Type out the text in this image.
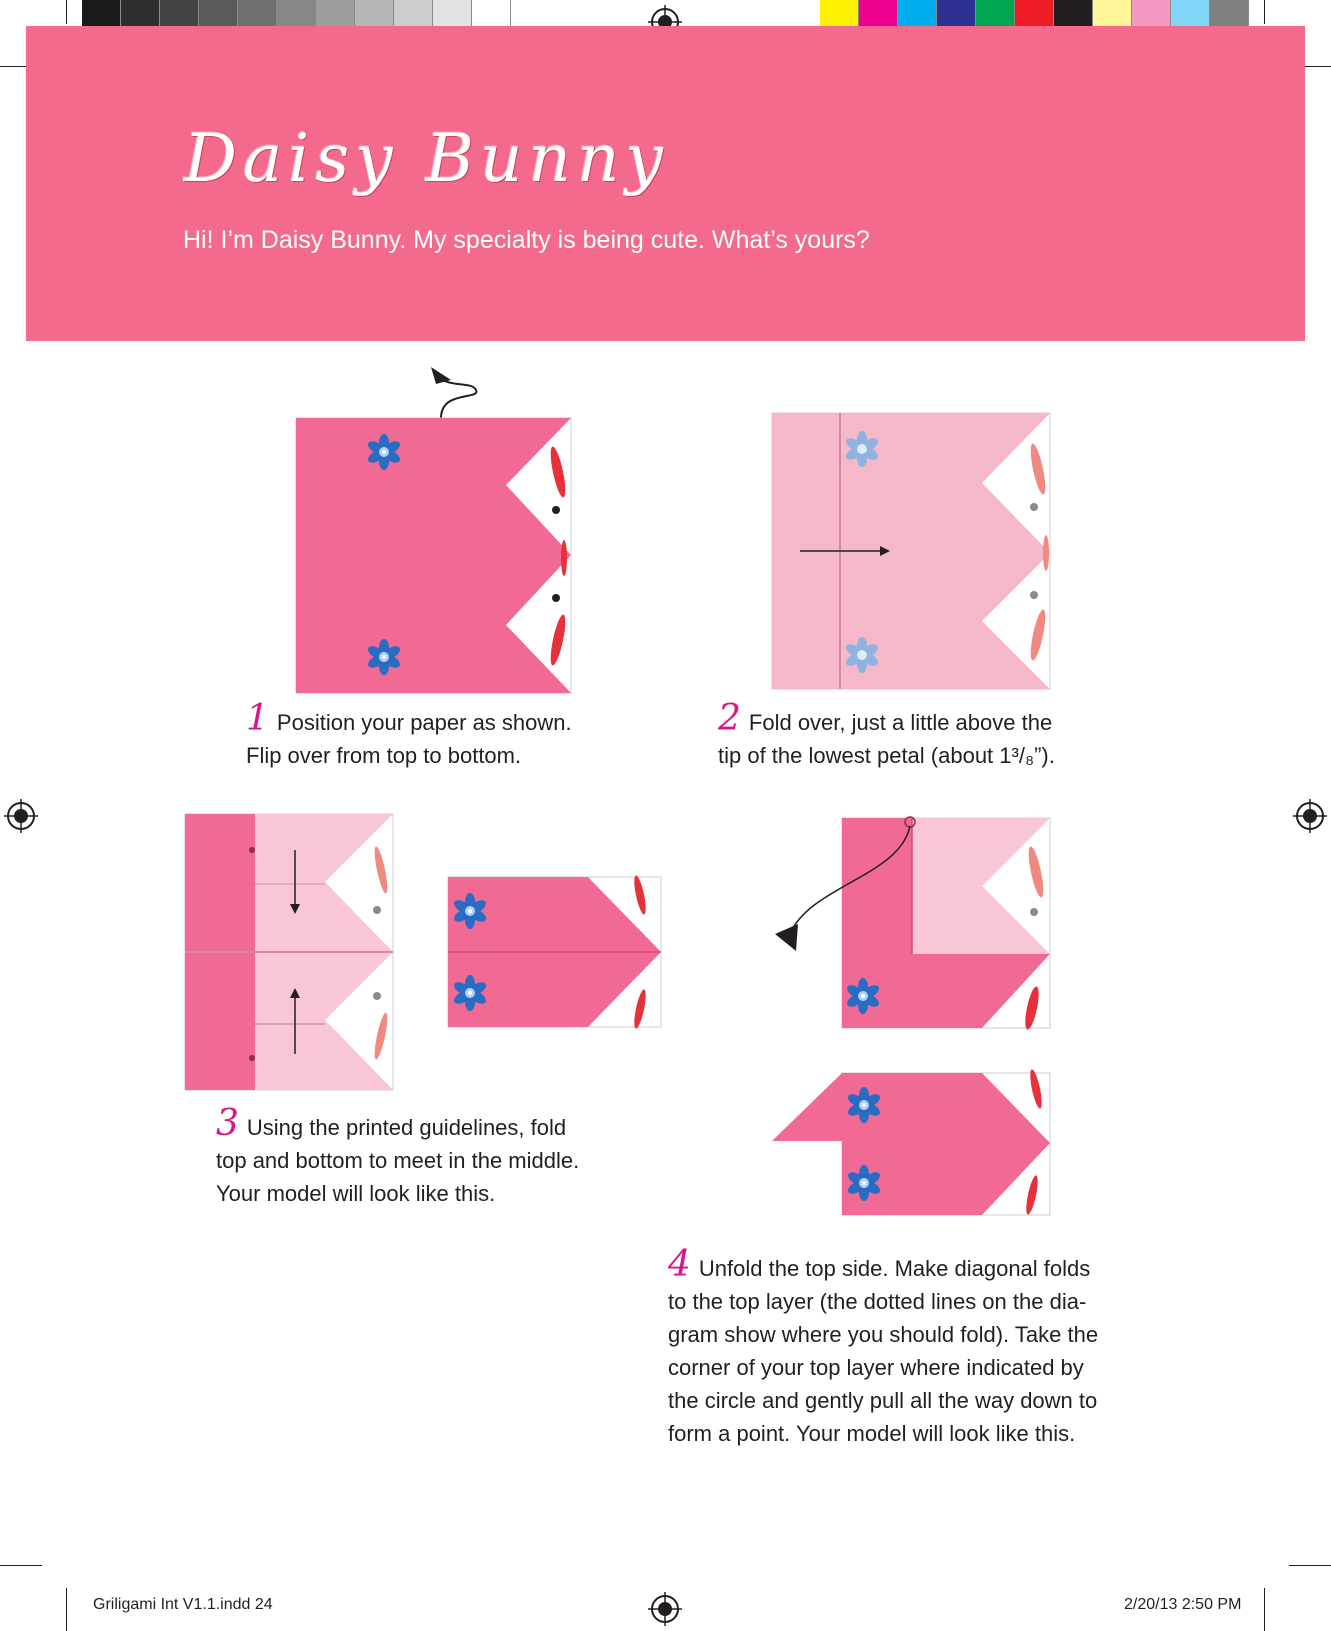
Daisy Bunny
Hi! I’m Daisy Bunny. My specialty is being cute. What’s yours?
1 Position your paper as shown.
Flip over from top to bottom.
2 Fold over, just a little above the
tip of the lowest petal (about 1³/₈”).
3 Using the printed guidelines, fold
top and bottom to meet in the middle.
Your model will look like this.
4 Unfold the top side. Make diagonal folds
to the top layer (the dotted lines on the dia-
gram show where you should fold). Take the
corner of your top layer where indicated by
the circle and gently pull all the way down to
form a point. Your model will look like this.
Griligami Int V1.1.indd 24	2/20/13 2:50 PM
